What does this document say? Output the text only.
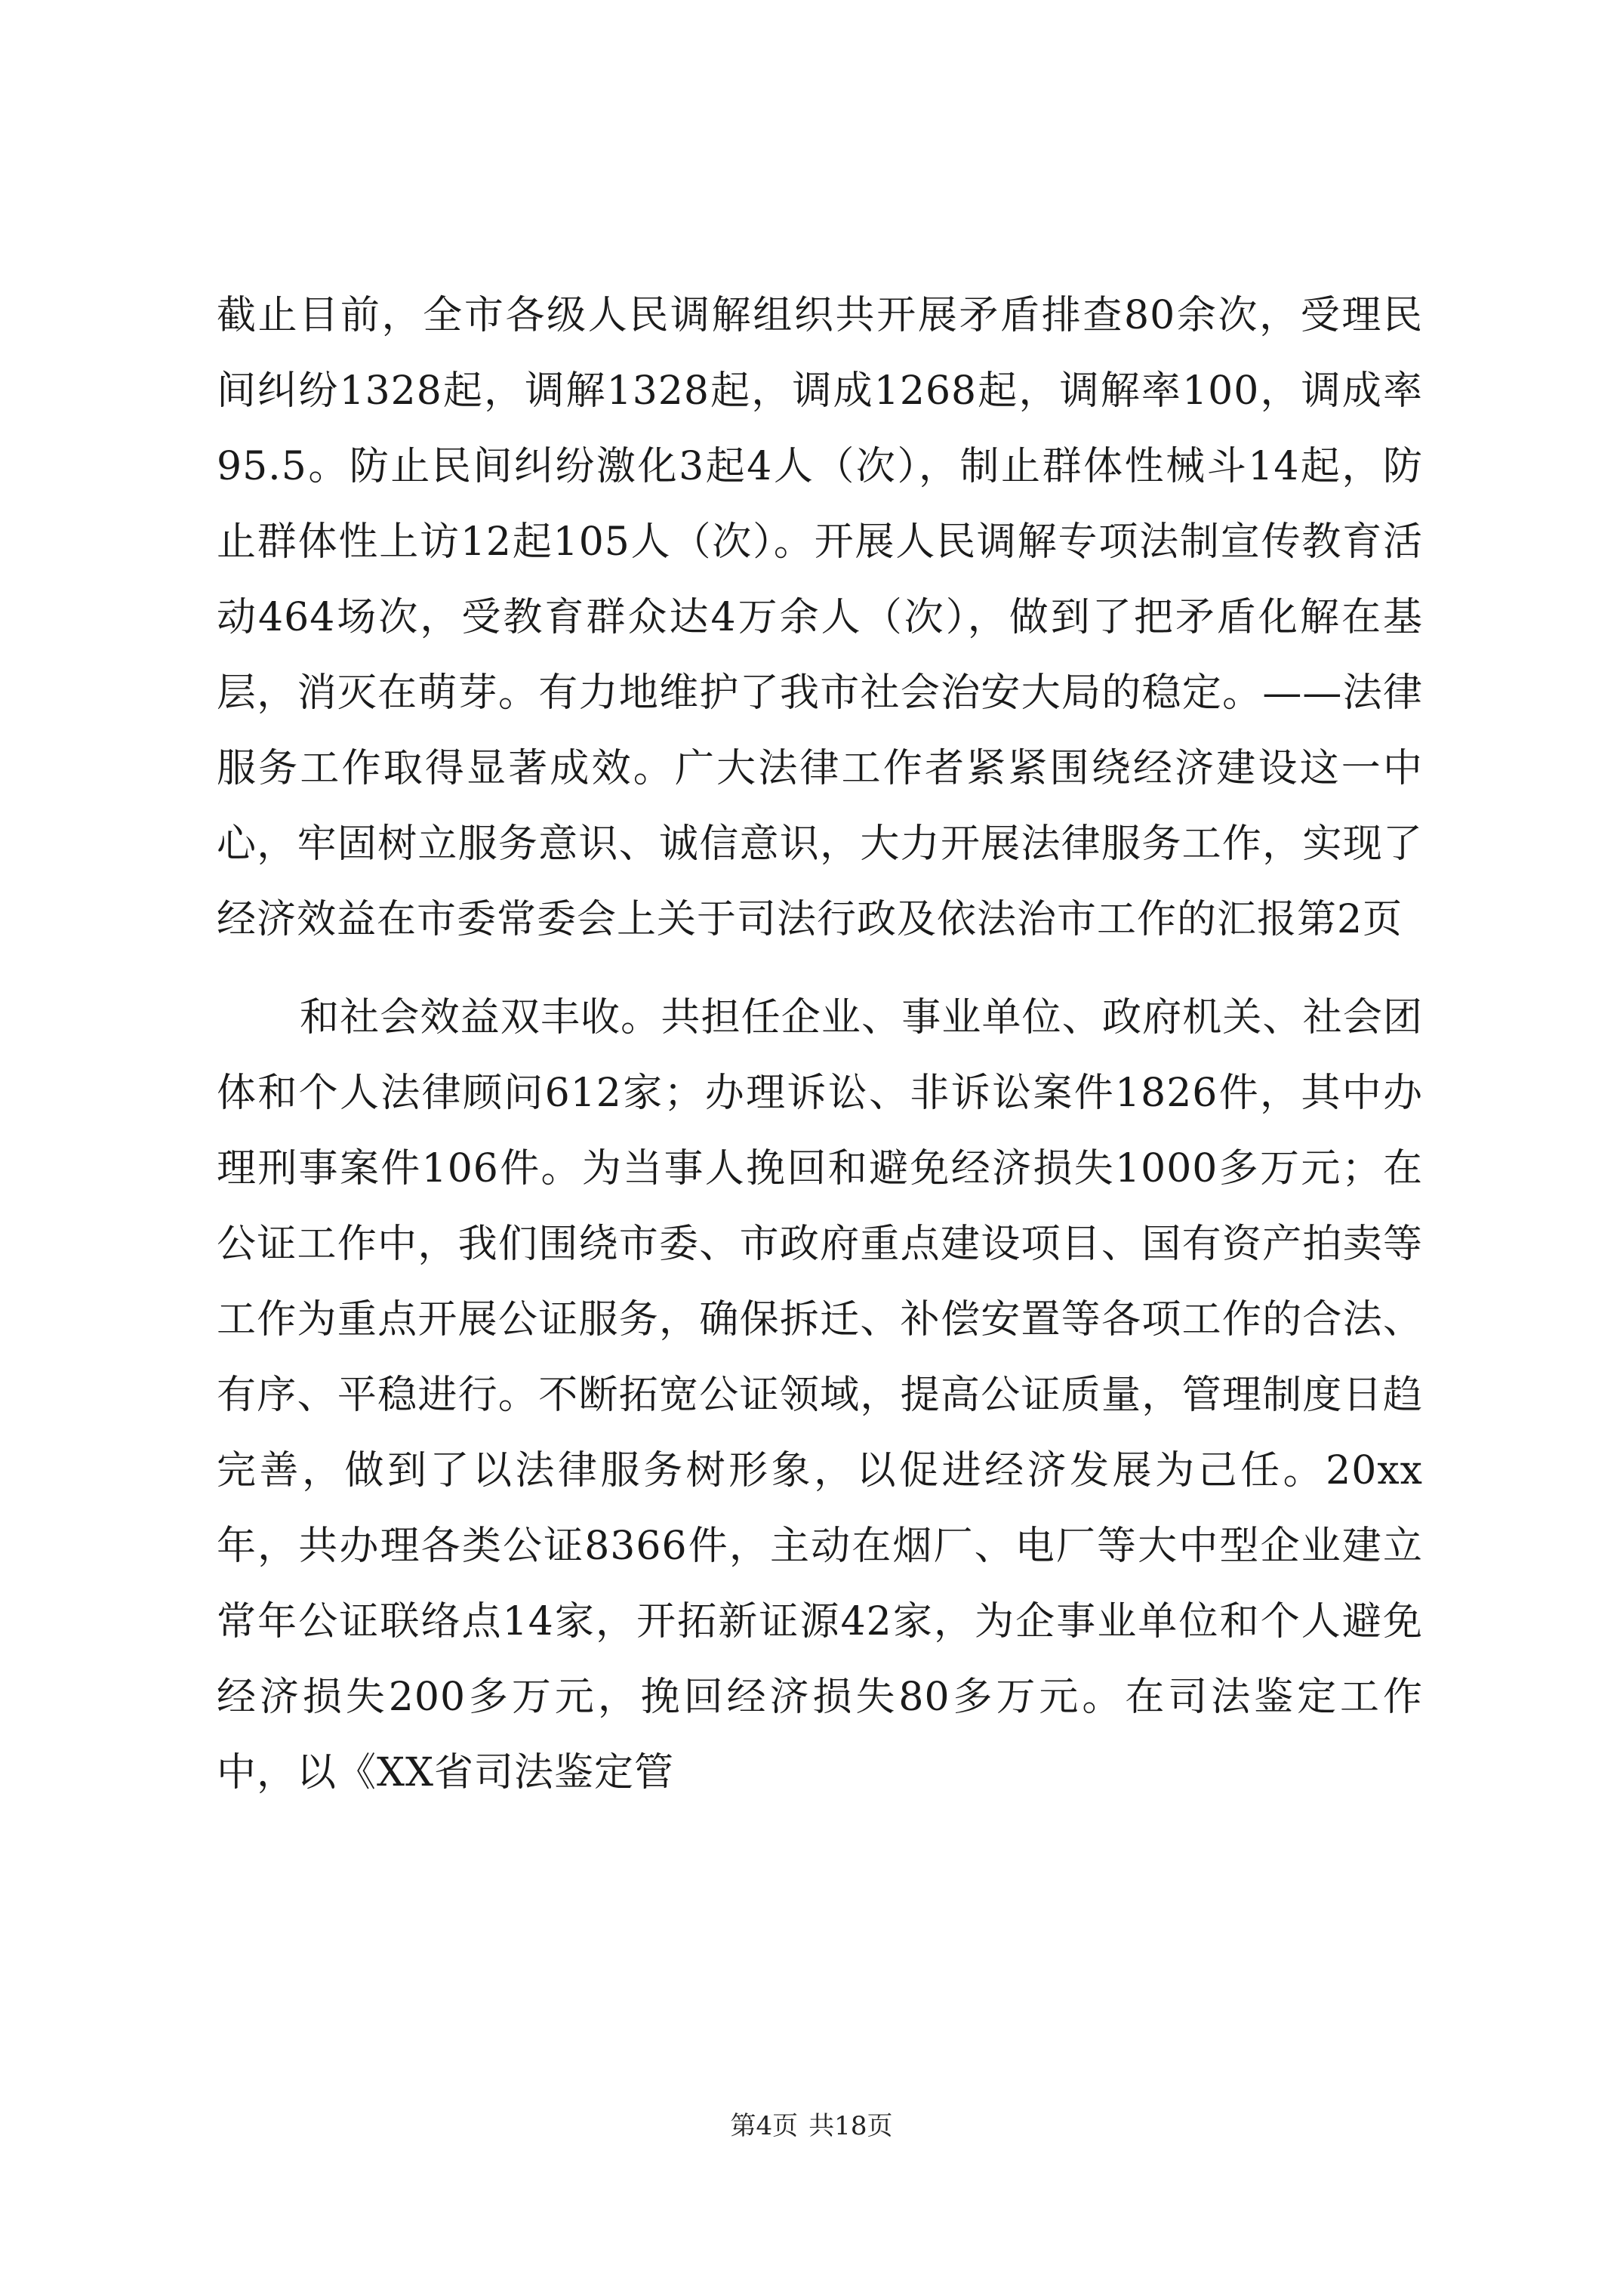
截止目前，全市各级人民调解组织共开展矛盾排查80余次，受理民间纠纷1328起，调解1328起，调成1268起，调解率100，调成率95.5。防止民间纠纷激化3起4人（次），制止群体性械斗14起，防止群体性上访12起105人（次）。开展人民调解专项法制宣传教育活动464场次，受教育群众达4万余人（次），做到了把矛盾化解在基层，消灭在萌芽。有力地维护了我市社会治安大局的稳定。——法律服务工作取得显著成效。广大法律工作者紧紧围绕经济建设这一中心，牢固树立服务意识、诚信意识，大力开展法律服务工作，实现了经济效益在市委常委会上关于司法行政及依法治市工作的汇报第2页

和社会效益双丰收。共担任企业、事业单位、政府机关、社会团体和个人法律顾问612家；办理诉讼、非诉讼案件1826件，其中办理刑事案件106件。为当事人挽回和避免经济损失1000多万元；在公证工作中，我们围绕市委、市政府重点建设项目、国有资产拍卖等工作为重点开展公证服务，确保拆迁、补偿安置等各项工作的合法、有序、平稳进行。不断拓宽公证领域，提高公证质量，管理制度日趋完善，做到了以法律服务树形象，以促进经济发展为己任。20xx年，共办理各类公证8366件，主动在烟厂、电厂等大中型企业建立常年公证联络点14家，开拓新证源42家，为企事业单位和个人避免经济损失200多万元，挽回经济损失80多万元。在司法鉴定工作中，以《XX省司法鉴定管

第4页 共18页
